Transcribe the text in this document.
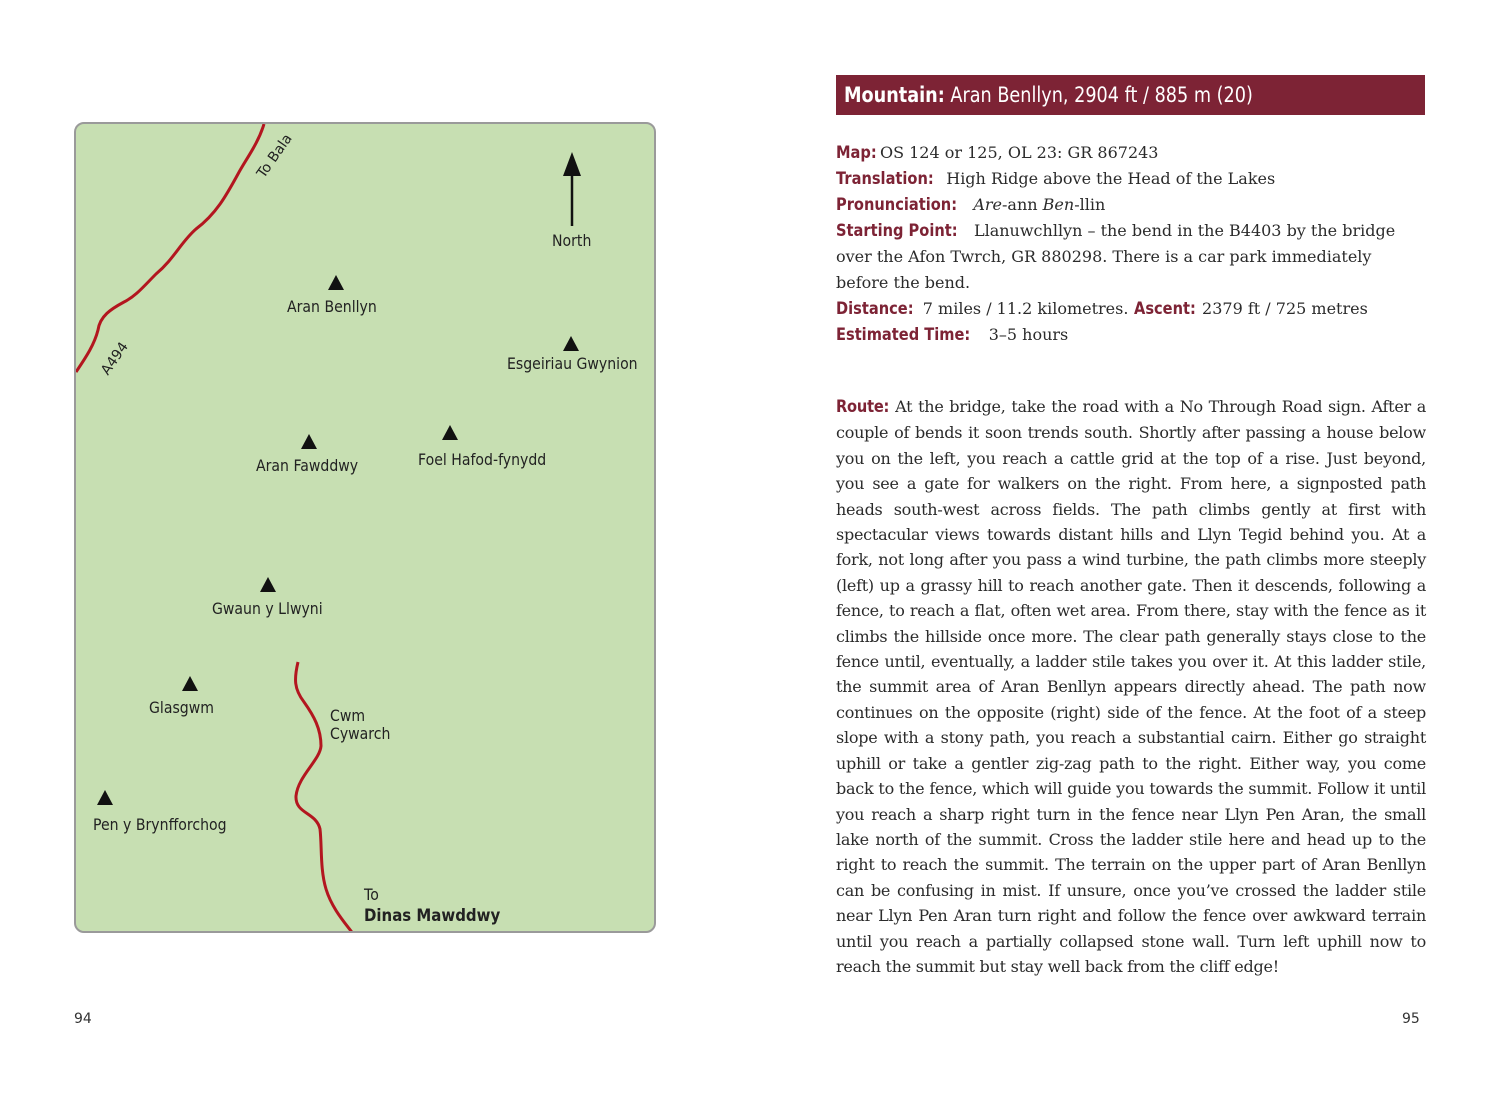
To Bala
A494
North
Aran Benllyn
Esgeiriau Gwynion
Aran Fawddwy	Foel Hafod-fynydd
Gwaun y Llwyni
Glasgwm
Pen y Brynfforchog
Cwm
Cywarch
To
Dinas Mawddwy
94
Mountain: Aran Benllyn, 2904 ft / 885 m (20)

Map: OS 124 or 125, OL 23: GR 867243

Translation: High Ridge above the Head of the Lakes

Pronunciation: Are-ann Ben-llin

Starting Point: Llanuwchllyn – the bend in the B4403 by the bridge over the Afon Twrch, GR 880298. There is a car park immediately before the bend.

Distance: 7 miles / 11.2 kilometres. Ascent: 2379 ft / 725 metres

Estimated Time: 3–5 hours

Route: At the bridge, take the road with a No Through Road sign. After a couple of bends it soon trends south. Shortly after passing a house below you on the left, you reach a cattle grid at the top of a rise. Just beyond, you see a gate for walkers on the right. From here, a signposted path heads south-west across fields. The path climbs gently at first with spectacular views towards distant hills and Llyn Tegid behind you. At a fork, not long after you pass a wind turbine, the path climbs more steeply (left) up a grassy hill to reach another gate. Then it descends, following a fence, to reach a flat, often wet area. From there, stay with the fence as it climbs the hillside once more. The clear path generally stays close to the fence until, eventually, a ladder stile takes you over it. At this ladder stile, the summit area of Aran Benllyn appears directly ahead. The path now continues on the opposite (right) side of the fence. At the foot of a steep slope with a stony path, you reach a substantial cairn. Either go straight uphill or take a gentler zig-zag path to the right. Either way, you come back to the fence, which will guide you towards the summit. Follow it until you reach a sharp right turn in the fence near Llyn Pen Aran, the small lake north of the summit. Cross the ladder stile here and head up to the right to reach the summit. The terrain on the upper part of Aran Benllyn can be confusing in mist. If unsure, once you’ve crossed the ladder stile near Llyn Pen Aran turn right and follow the fence over awkward terrain until you reach a partially collapsed stone wall. Turn left uphill now to reach the summit but stay well back from the cliff edge!

95
